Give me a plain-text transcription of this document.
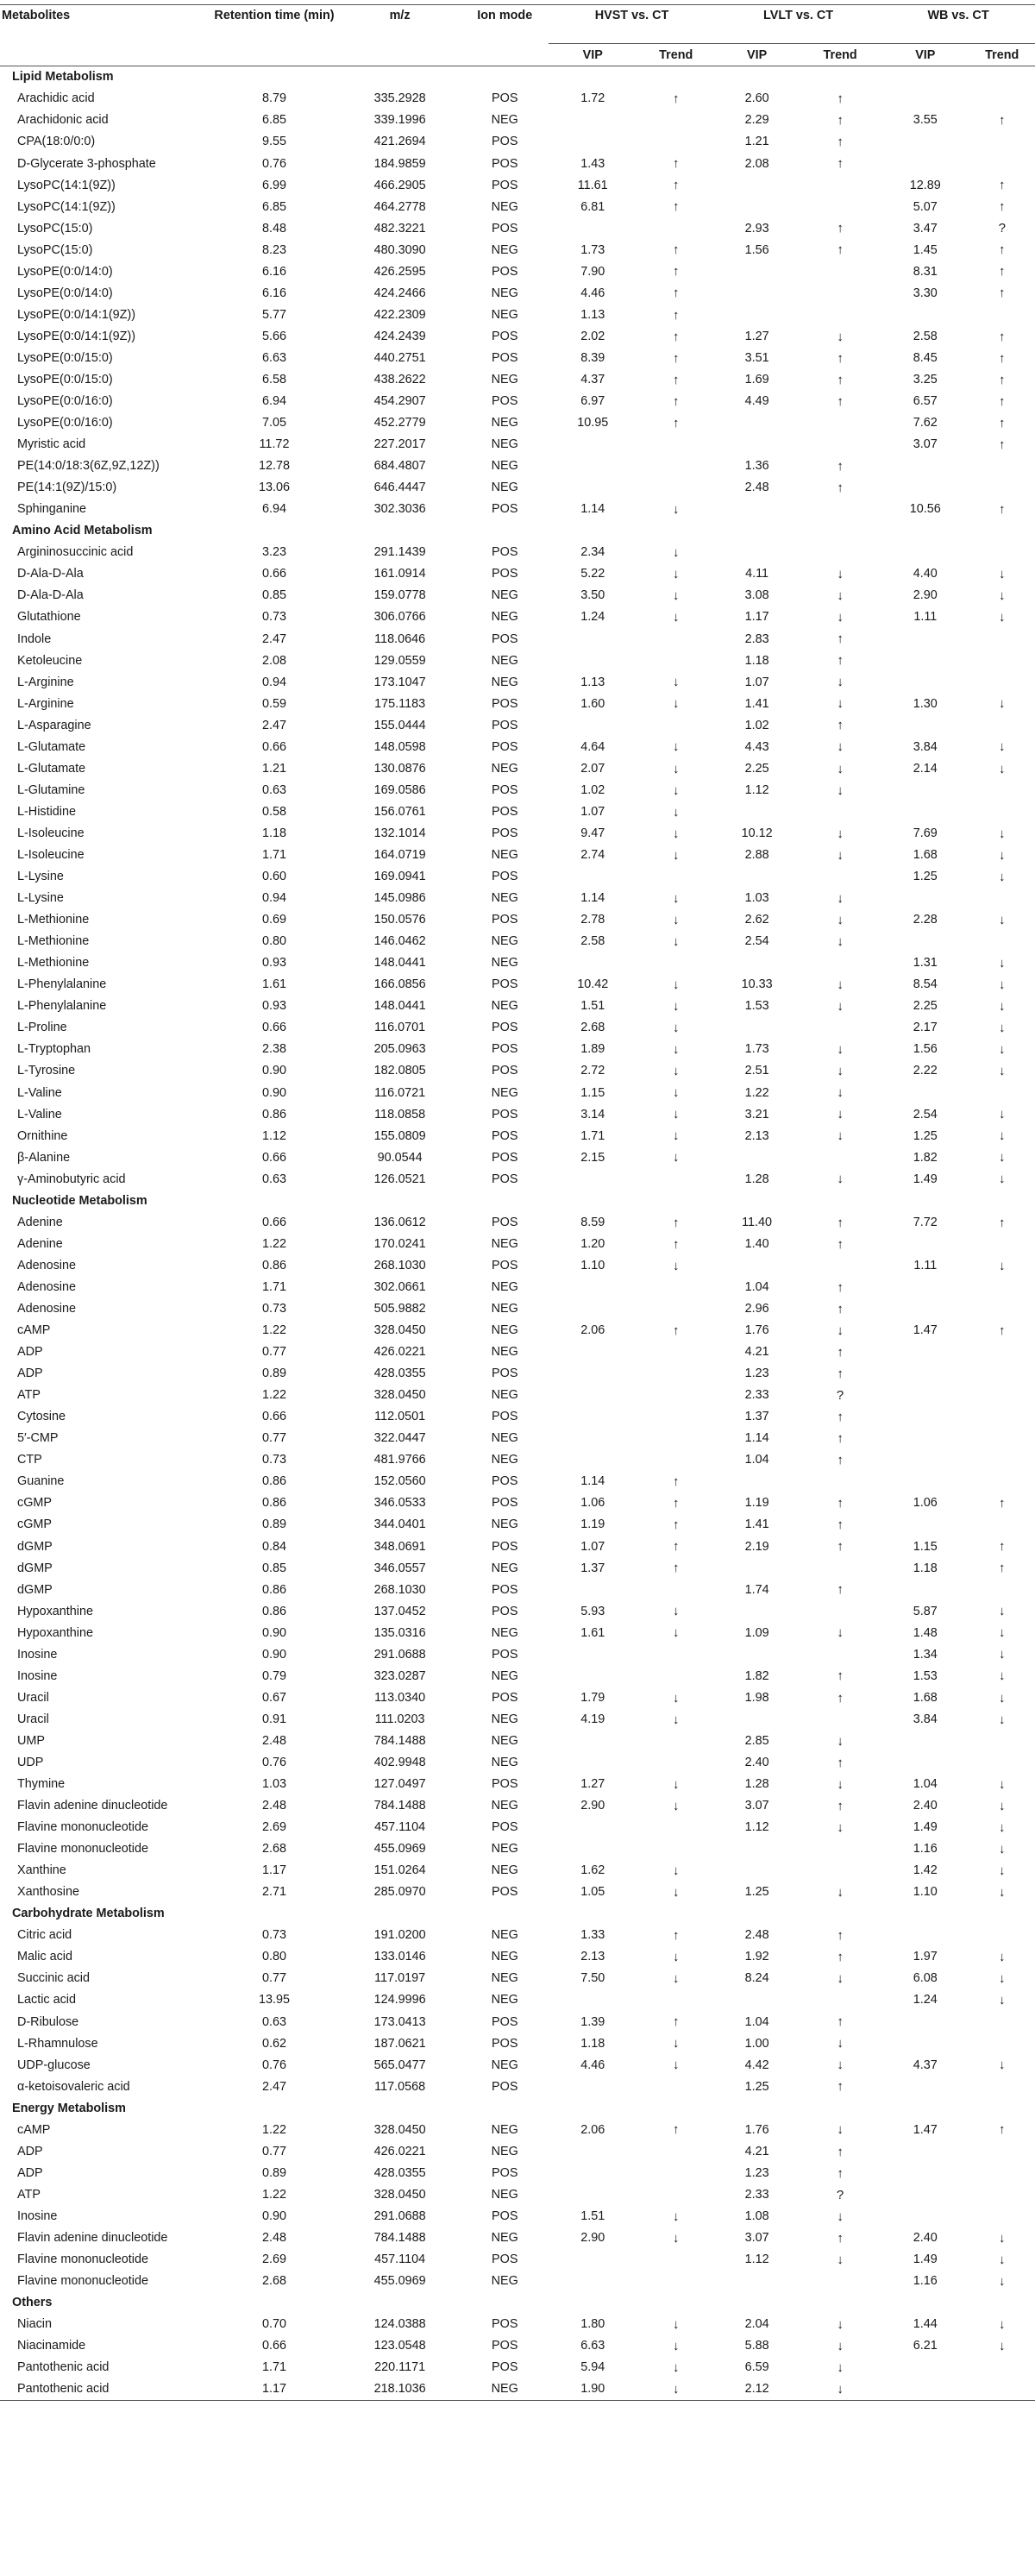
Metabolites	Retention time (min)	m/z	Ion mode	HVST vs. CT		LVLT vs. CT		WB vs. CT	
				VIP	Trend	VIP	Trend	VIP	Trend
Lipid Metabolism									
Arachidic acid	8.79	335.2928	POS	1.72	↑	2.60	↑		
Arachidonic acid	6.85	339.1996	NEG			2.29	↑	3.55	↑
CPA(18:0/0:0)	9.55	421.2694	POS			1.21	↑		
D-Glycerate 3-phosphate	0.76	184.9859	POS	1.43	↑	2.08	↑		
LysoPC(14:1(9Z))	6.99	466.2905	POS	11.61	↑			12.89	↑
LysoPC(14:1(9Z))	6.85	464.2778	NEG	6.81	↑			5.07	↑
LysoPC(15:0)	8.48	482.3221	POS			2.93	↑	3.47	?
LysoPC(15:0)	8.23	480.3090	NEG	1.73	↑	1.56	↑	1.45	↑
LysoPE(0:0/14:0)	6.16	426.2595	POS	7.90	↑			8.31	↑
LysoPE(0:0/14:0)	6.16	424.2466	NEG	4.46	↑			3.30	↑
LysoPE(0:0/14:1(9Z))	5.77	422.2309	NEG	1.13	↑				
LysoPE(0:0/14:1(9Z))	5.66	424.2439	POS	2.02	↑	1.27	↓	2.58	↑
LysoPE(0:0/15:0)	6.63	440.2751	POS	8.39	↑	3.51	↑	8.45	↑
LysoPE(0:0/15:0)	6.58	438.2622	NEG	4.37	↑	1.69	↑	3.25	↑
LysoPE(0:0/16:0)	6.94	454.2907	POS	6.97	↑	4.49	↑	6.57	↑
LysoPE(0:0/16:0)	7.05	452.2779	NEG	10.95	↑			7.62	↑
Myristic acid	11.72	227.2017	NEG					3.07	↑
PE(14:0/18:3(6Z,9Z,12Z))	12.78	684.4807	NEG			1.36	↑		
PE(14:1(9Z)/15:0)	13.06	646.4447	NEG			2.48	↑		
Sphinganine	6.94	302.3036	POS	1.14	↓			10.56	↑
Amino Acid Metabolism									
Argininosuccinic acid	3.23	291.1439	POS	2.34	↓				
D-Ala-D-Ala	0.66	161.0914	POS	5.22	↓	4.11	↓	4.40	↓
D-Ala-D-Ala	0.85	159.0778	NEG	3.50	↓	3.08	↓	2.90	↓
Glutathione	0.73	306.0766	NEG	1.24	↓	1.17	↓	1.11	↓
Indole	2.47	118.0646	POS			2.83	↑		
Ketoleucine	2.08	129.0559	NEG			1.18	↑		
L-Arginine	0.94	173.1047	NEG	1.13	↓	1.07	↓		
L-Arginine	0.59	175.1183	POS	1.60	↓	1.41	↓	1.30	↓
L-Asparagine	2.47	155.0444	POS			1.02	↑		
L-Glutamate	0.66	148.0598	POS	4.64	↓	4.43	↓	3.84	↓
L-Glutamate	1.21	130.0876	NEG	2.07	↓	2.25	↓	2.14	↓
L-Glutamine	0.63	169.0586	POS	1.02	↓	1.12	↓		
L-Histidine	0.58	156.0761	POS	1.07	↓				
L-Isoleucine	1.18	132.1014	POS	9.47	↓	10.12	↓	7.69	↓
L-Isoleucine	1.71	164.0719	NEG	2.74	↓	2.88	↓	1.68	↓
L-Lysine	0.60	169.0941	POS					1.25	↓
L-Lysine	0.94	145.0986	NEG	1.14	↓	1.03	↓		
L-Methionine	0.69	150.0576	POS	2.78	↓	2.62	↓	2.28	↓
L-Methionine	0.80	146.0462	NEG	2.58	↓	2.54	↓		
L-Methionine	0.93	148.0441	NEG					1.31	↓
L-Phenylalanine	1.61	166.0856	POS	10.42	↓	10.33	↓	8.54	↓
L-Phenylalanine	0.93	148.0441	NEG	1.51	↓	1.53	↓	2.25	↓
L-Proline	0.66	116.0701	POS	2.68	↓			2.17	↓
L-Tryptophan	2.38	205.0963	POS	1.89	↓	1.73	↓	1.56	↓
L-Tyrosine	0.90	182.0805	POS	2.72	↓	2.51	↓	2.22	↓
L-Valine	0.90	116.0721	NEG	1.15	↓	1.22	↓		
L-Valine	0.86	118.0858	POS	3.14	↓	3.21	↓	2.54	↓
Ornithine	1.12	155.0809	POS	1.71	↓	2.13	↓	1.25	↓
β-Alanine	0.66	90.0544	POS	2.15	↓			1.82	↓
γ-Aminobutyric acid	0.63	126.0521	POS			1.28	↓	1.49	↓
Nucleotide Metabolism									
Adenine	0.66	136.0612	POS	8.59	↑	11.40	↑	7.72	↑
Adenine	1.22	170.0241	NEG	1.20	↑	1.40	↑		
Adenosine	0.86	268.1030	POS	1.10	↓			1.11	↓
Adenosine	1.71	302.0661	NEG			1.04	↑		
Adenosine	0.73	505.9882	NEG			2.96	↑		
cAMP	1.22	328.0450	NEG	2.06	↑	1.76	↓	1.47	↑
ADP	0.77	426.0221	NEG			4.21	↑		
ADP	0.89	428.0355	POS			1.23	↑		
ATP	1.22	328.0450	NEG			2.33	?		
Cytosine	0.66	112.0501	POS			1.37	↑		
5′-CMP	0.77	322.0447	NEG			1.14	↑		
CTP	0.73	481.9766	NEG			1.04	↑		
Guanine	0.86	152.0560	POS	1.14	↑				
cGMP	0.86	346.0533	POS	1.06	↑	1.19	↑	1.06	↑
cGMP	0.89	344.0401	NEG	1.19	↑	1.41	↑		
dGMP	0.84	348.0691	POS	1.07	↑	2.19	↑	1.15	↑
dGMP	0.85	346.0557	NEG	1.37	↑			1.18	↑
dGMP	0.86	268.1030	POS			1.74	↑		
Hypoxanthine	0.86	137.0452	POS	5.93	↓			5.87	↓
Hypoxanthine	0.90	135.0316	NEG	1.61	↓	1.09	↓	1.48	↓
Inosine	0.90	291.0688	POS					1.34	↓
Inosine	0.79	323.0287	NEG			1.82	↑	1.53	↓
Uracil	0.67	113.0340	POS	1.79	↓	1.98	↑	1.68	↓
Uracil	0.91	111.0203	NEG	4.19	↓			3.84	↓
UMP	2.48	784.1488	NEG			2.85	↓		
UDP	0.76	402.9948	NEG			2.40	↑		
Thymine	1.03	127.0497	POS	1.27	↓	1.28	↓	1.04	↓
Flavin adenine dinucleotide	2.48	784.1488	NEG	2.90	↓	3.07	↑	2.40	↓
Flavine mononucleotide	2.69	457.1104	POS			1.12	↓	1.49	↓
Flavine mononucleotide	2.68	455.0969	NEG					1.16	↓
Xanthine	1.17	151.0264	NEG	1.62	↓			1.42	↓
Xanthosine	2.71	285.0970	POS	1.05	↓	1.25	↓	1.10	↓
Carbohydrate Metabolism									
Citric acid	0.73	191.0200	NEG	1.33	↑	2.48	↑		
Malic acid	0.80	133.0146	NEG	2.13	↓	1.92	↑	1.97	↓
Succinic acid	0.77	117.0197	NEG	7.50	↓	8.24	↓	6.08	↓
Lactic acid	13.95	124.9996	NEG					1.24	↓
D-Ribulose	0.63	173.0413	POS	1.39	↑	1.04	↑		
L-Rhamnulose	0.62	187.0621	POS	1.18	↓	1.00	↓		
UDP-glucose	0.76	565.0477	NEG	4.46	↓	4.42	↓	4.37	↓
α-ketoisovaleric acid	2.47	117.0568	POS			1.25	↑		
Energy Metabolism									
cAMP	1.22	328.0450	NEG	2.06	↑	1.76	↓	1.47	↑
ADP	0.77	426.0221	NEG			4.21	↑		
ADP	0.89	428.0355	POS			1.23	↑		
ATP	1.22	328.0450	NEG			2.33	?		
Inosine	0.90	291.0688	POS	1.51	↓	1.08	↓		
Flavin adenine dinucleotide	2.48	784.1488	NEG	2.90	↓	3.07	↑	2.40	↓
Flavine mononucleotide	2.69	457.1104	POS			1.12	↓	1.49	↓
Flavine mononucleotide	2.68	455.0969	NEG					1.16	↓
Others									
Niacin	0.70	124.0388	POS	1.80	↓	2.04	↓	1.44	↓
Niacinamide	0.66	123.0548	POS	6.63	↓	5.88	↓	6.21	↓
Pantothenic acid	1.71	220.1171	POS	5.94	↓	6.59	↓		
Pantothenic acid	1.17	218.1036	NEG	1.90	↓	2.12	↓		
